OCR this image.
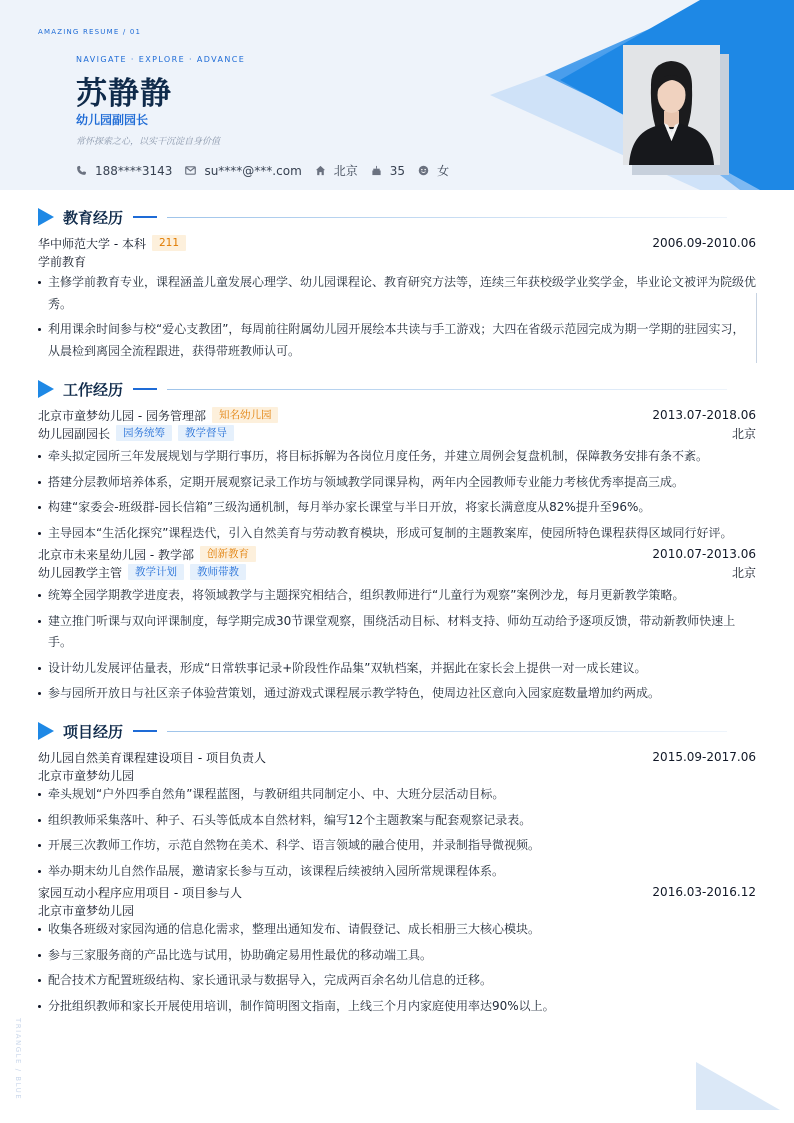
AMAZING RESUME / 01
NAVIGATE · EXPLORE · ADVANCE
苏静静
幼儿园副园长
常怀探索之心，以实干沉淀自身价值
188****3143	su****@***.com	北京	35	女
教育经历
华中师范大学 - 本科	211	2006.09-2010.06
学前教育
主修学前教育专业，课程涵盖儿童发展心理学、幼儿园课程论、教育研究方法等，连续三年获校级学业奖学金，毕业论文被评为院级优秀。
利用课余时间参与校“爱心支教团”，每周前往附属幼儿园开展绘本共读与手工游戏；大四在省级示范园完成为期一学期的驻园实习，从晨检到离园全流程跟进，获得带班教师认可。
工作经历
北京市童梦幼儿园 - 园务管理部	知名幼儿园	2013.07-2018.06
幼儿园副园长	园务统筹	教学督导	北京
牵头拟定园所三年发展规划与学期行事历，将目标拆解为各岗位月度任务，并建立周例会复盘机制，保障教务安排有条不紊。
搭建分层教师培养体系，定期开展观察记录工作坊与领域教学同课异构，两年内全园教师专业能力考核优秀率提高三成。
构建“家委会-班级群-园长信箱”三级沟通机制，每月举办家长课堂与半日开放，将家长满意度从82%提升至96%。
主导园本“生活化探究”课程迭代，引入自然美育与劳动教育模块，形成可复制的主题教案库，使园所特色课程获得区域同行好评。
北京市未来星幼儿园 - 教学部	创新教育	2010.07-2013.06
幼儿园教学主管	教学计划	教师带教	北京
统筹全园学期教学进度表，将领域教学与主题探究相结合，组织教师进行“儿童行为观察”案例沙龙，每月更新教学策略。
建立推门听课与双向评课制度，每学期完成30节课堂观察，围绕活动目标、材料支持、师幼互动给予逐项反馈，带动新教师快速上手。
设计幼儿发展评估量表，形成“日常轶事记录+阶段性作品集”双轨档案，并据此在家长会上提供一对一成长建议。
参与园所开放日与社区亲子体验营策划，通过游戏式课程展示教学特色，使周边社区意向入园家庭数量增加约两成。
项目经历
幼儿园自然美育课程建设项目 - 项目负责人	2015.09-2017.06
北京市童梦幼儿园
牵头规划“户外四季自然角”课程蓝图，与教研组共同制定小、中、大班分层活动目标。
组织教师采集落叶、种子、石头等低成本自然材料，编写12个主题教案与配套观察记录表。
开展三次教师工作坊，示范自然物在美术、科学、语言领域的融合使用，并录制指导微视频。
举办期末幼儿自然作品展，邀请家长参与互动，该课程后续被纳入园所常规课程体系。
家园互动小程序应用项目 - 项目参与人	2016.03-2016.12
北京市童梦幼儿园
收集各班级对家园沟通的信息化需求，整理出通知发布、请假登记、成长相册三大核心模块。
参与三家服务商的产品比选与试用，协助确定易用性最优的移动端工具。
配合技术方配置班级结构、家长通讯录与数据导入，完成两百余名幼儿信息的迁移。
分批组织教师和家长开展使用培训，制作简明图文指南，上线三个月内家庭使用率达90%以上。
TRIANGLE / BLUE
